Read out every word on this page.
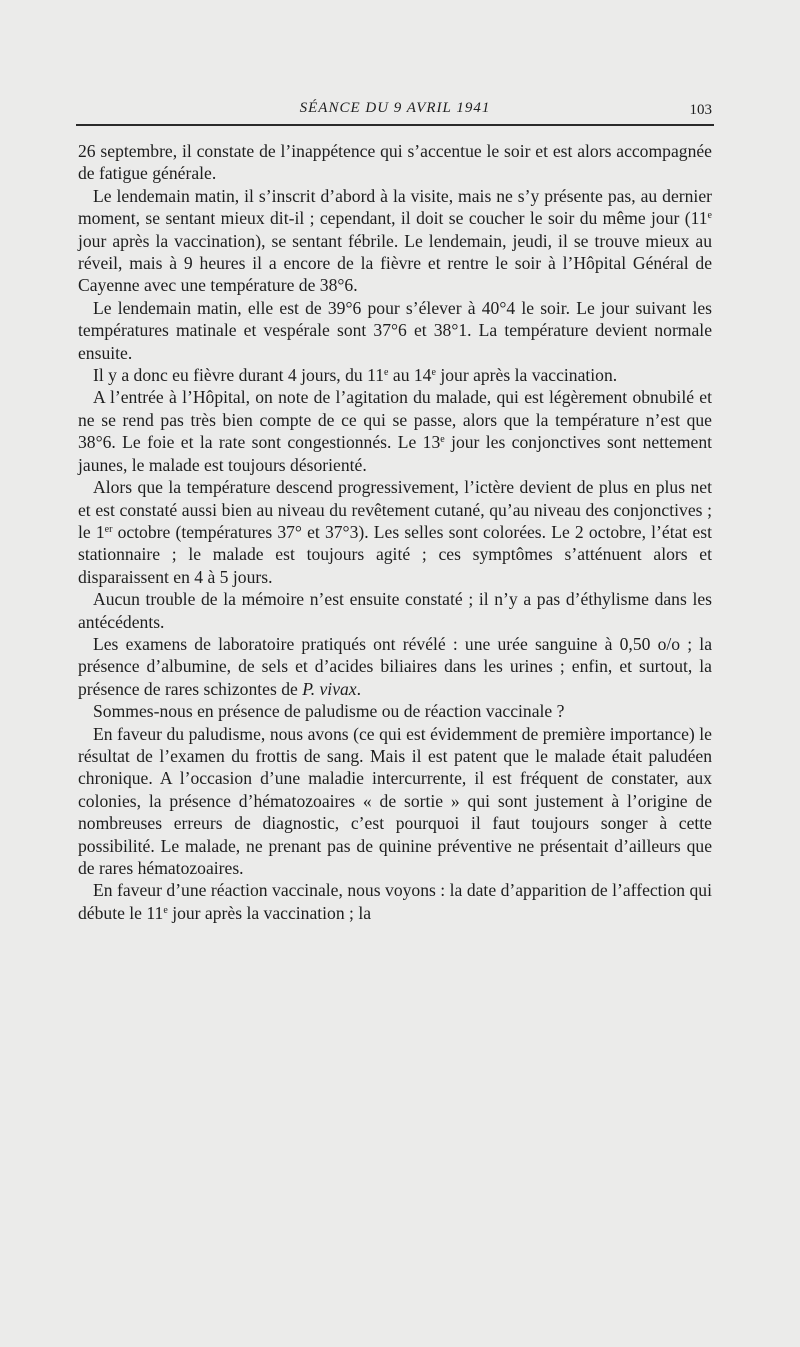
SÉANCE DU 9 AVRIL 1941	103

26 septembre, il constate de l’inappétence qui s’accentue le soir et est alors accompagnée de fatigue générale.

Le lendemain matin, il s’inscrit d’abord à la visite, mais ne s’y présente pas, au dernier moment, se sentant mieux dit-il ; cependant, il doit se coucher le soir du même jour (11e jour après la vaccination), se sentant fébrile. Le lendemain, jeudi, il se trouve mieux au réveil, mais à 9 heures il a encore de la fièvre et rentre le soir à l’Hôpital Général de Cayenne avec une température de 38°6.

Le lendemain matin, elle est de 39°6 pour s’élever à 40°4 le soir. Le jour suivant les températures matinale et vespérale sont 37°6 et 38°1. La température devient normale ensuite.

Il y a donc eu fièvre durant 4 jours, du 11e au 14e jour après la vaccination.

A l’entrée à l’Hôpital, on note de l’agitation du malade, qui est légèrement obnubilé et ne se rend pas très bien compte de ce qui se passe, alors que la température n’est que 38°6. Le foie et la rate sont congestionnés. Le 13e jour les conjonctives sont nettement jaunes, le malade est toujours désorienté.

Alors que la température descend progressivement, l’ictère devient de plus en plus net et est constaté aussi bien au niveau du revêtement cutané, qu’au niveau des conjonctives ; le 1er octobre (températures 37° et 37°3). Les selles sont colorées. Le 2 octobre, l’état est stationnaire ; le malade est toujours agité ; ces symptômes s’atténuent alors et disparaissent en 4 à 5 jours.

Aucun trouble de la mémoire n’est ensuite constaté ; il n’y a pas d’éthylisme dans les antécédents.

Les examens de laboratoire pratiqués ont révélé : une urée sanguine à 0,50 o/o ; la présence d’albumine, de sels et d’acides biliaires dans les urines ; enfin, et surtout, la présence de rares schizontes de P. vivax.

Sommes-nous en présence de paludisme ou de réaction vaccinale ?

En faveur du paludisme, nous avons (ce qui est évidemment de première importance) le résultat de l’examen du frottis de sang. Mais il est patent que le malade était paludéen chronique. A l’occasion d’une maladie intercurrente, il est fréquent de constater, aux colonies, la présence d’hématozoaires « de sortie » qui sont justement à l’origine de nombreuses erreurs de diagnostic, c’est pourquoi il faut toujours songer à cette possibilité. Le malade, ne prenant pas de quinine préventive ne présentait d’ailleurs que de rares hématozoaires.

En faveur d’une réaction vaccinale, nous voyons : la date d’apparition de l’affection qui débute le 11e jour après la vaccination ; la
